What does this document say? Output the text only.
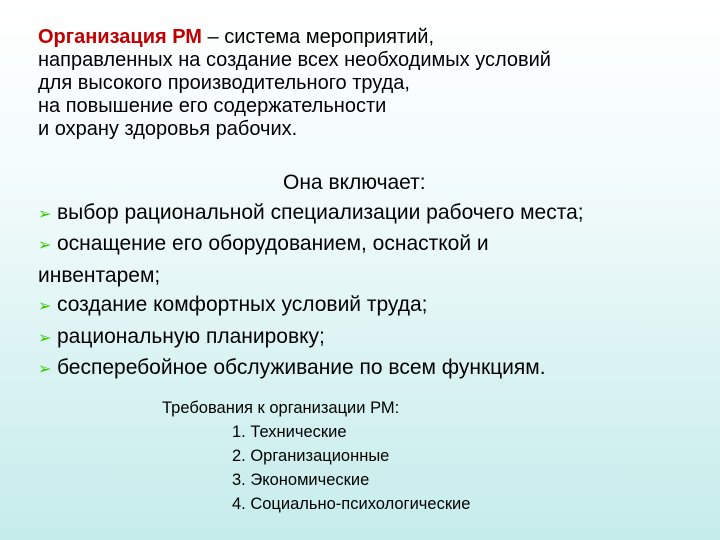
Организация РМ – система мероприятий,
направленных на создание всех необходимых условий
для высокого производительного труда,
на повышение его содержательности
и охрану здоровья рабочих.
Она включает:
➢ выбор рациональной специализации рабочего места;
➢ оснащение его оборудованием, оснасткой и
инвентарем;
➢ создание комфортных условий труда;
➢ рациональную планировку;
➢ бесперебойное обслуживание по всем функциям.
Требования к организации РМ:
1. Технические
2. Организационные
3. Экономические
4. Социально-психологические
